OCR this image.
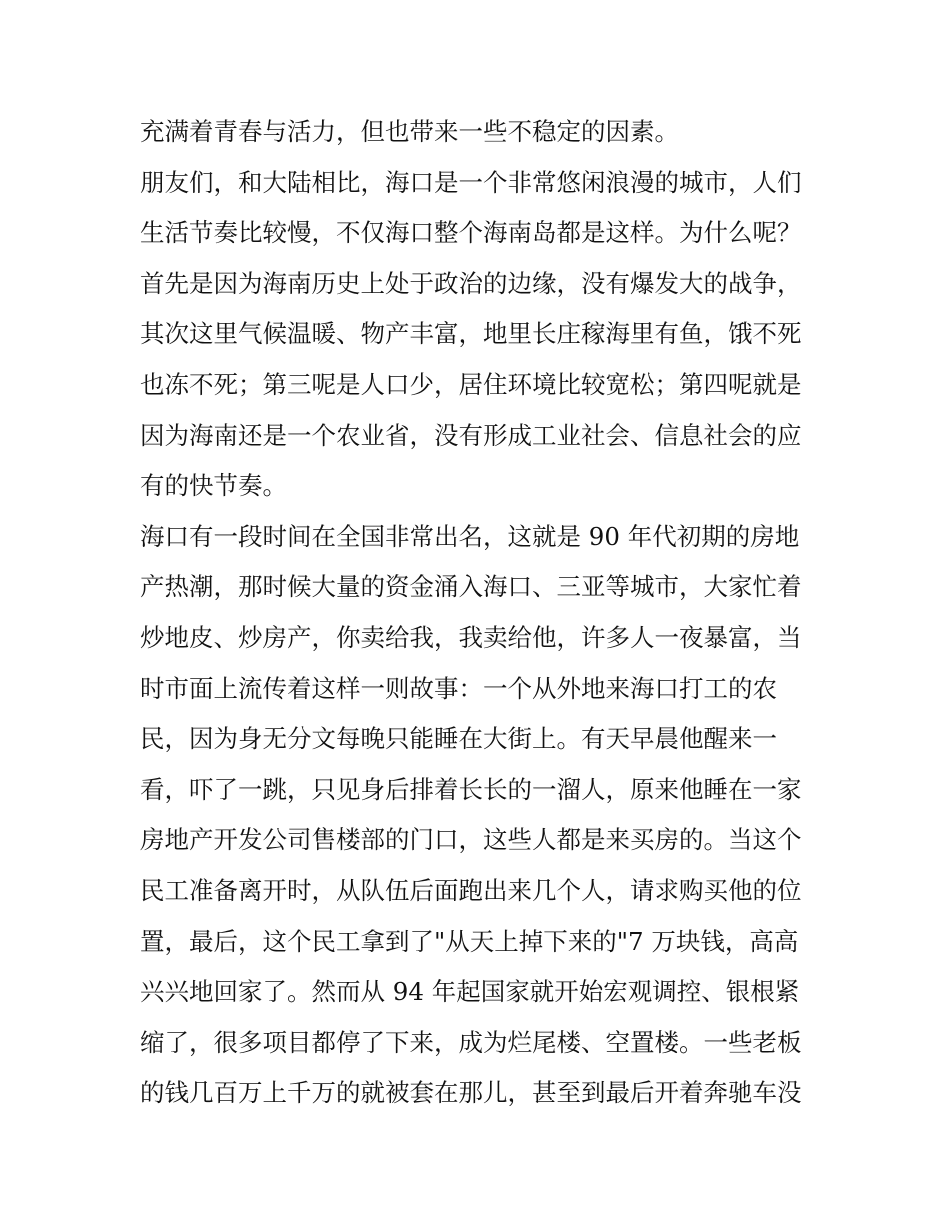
充满着青春与活力，但也带来一些不稳定的因素。

朋友们，和大陆相比，海口是一个非常悠闲浪漫的城市，人们

生活节奏比较慢，不仅海口整个海南岛都是这样。为什么呢？

首先是因为海南历史上处于政治的边缘，没有爆发大的战争，

其次这里气候温暖、物产丰富，地里长庄稼海里有鱼，饿不死

也冻不死；第三呢是人口少，居住环境比较宽松；第四呢就是

因为海南还是一个农业省，没有形成工业社会、信息社会的应

有的快节奏。

海口有一段时间在全国非常出名，这就是 90 年代初期的房地

产热潮，那时候大量的资金涌入海口、三亚等城市，大家忙着

炒地皮、炒房产，你卖给我，我卖给他，许多人一夜暴富，当

时市面上流传着这样一则故事：一个从外地来海口打工的农

民，因为身无分文每晚只能睡在大街上。有天早晨他醒来一

看，吓了一跳，只见身后排着长长的一溜人，原来他睡在一家

房地产开发公司售楼部的门口，这些人都是来买房的。当这个

民工准备离开时，从队伍后面跑出来几个人，请求购买他的位

置，最后，这个民工拿到了"从天上掉下来的"7 万块钱，高高

兴兴地回家了。然而从 94 年起国家就开始宏观调控、银根紧

缩了，很多项目都停了下来，成为烂尾楼、空置楼。一些老板

的钱几百万上千万的就被套在那儿，甚至到最后开着奔驰车没
